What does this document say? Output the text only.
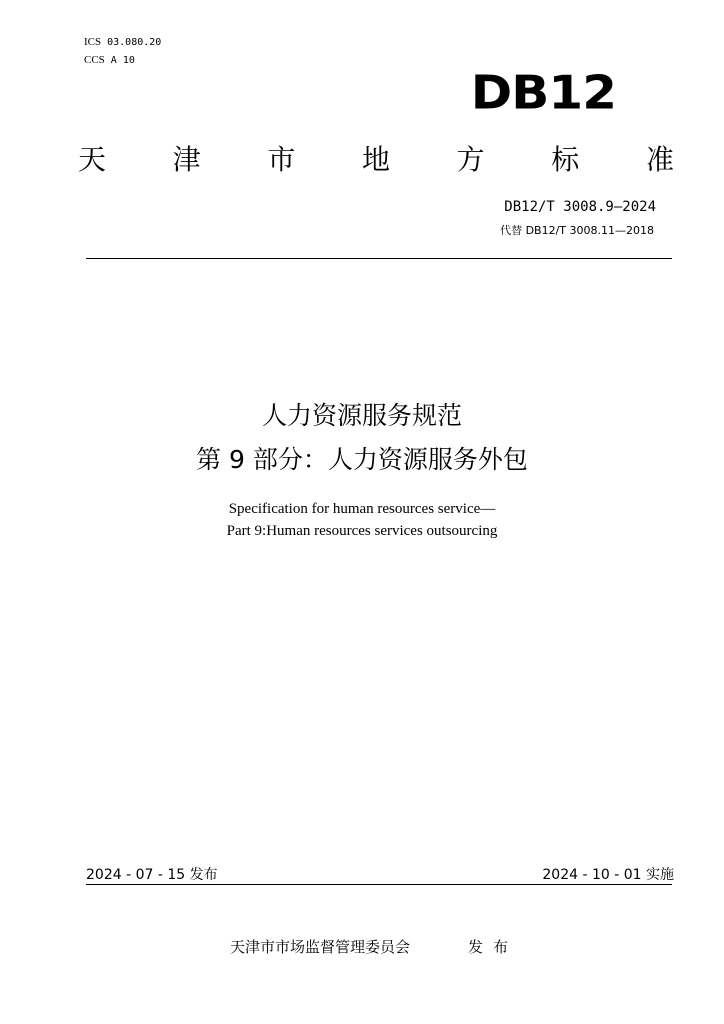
ICS 03.080.20
CCS A 10
DB12
天 津 市 地 方 标 准
DB12/T 3008.9—2024
代替 DB12/T 3008.11—2018
人力资源服务规范
第 9 部分：人力资源服务外包
Specification for human resources service—
Part 9:Human resources services outsourcing
2024 - 07 - 15 发布	2024 - 10 - 01 实施
天津市市场监督管理委员会	发布
